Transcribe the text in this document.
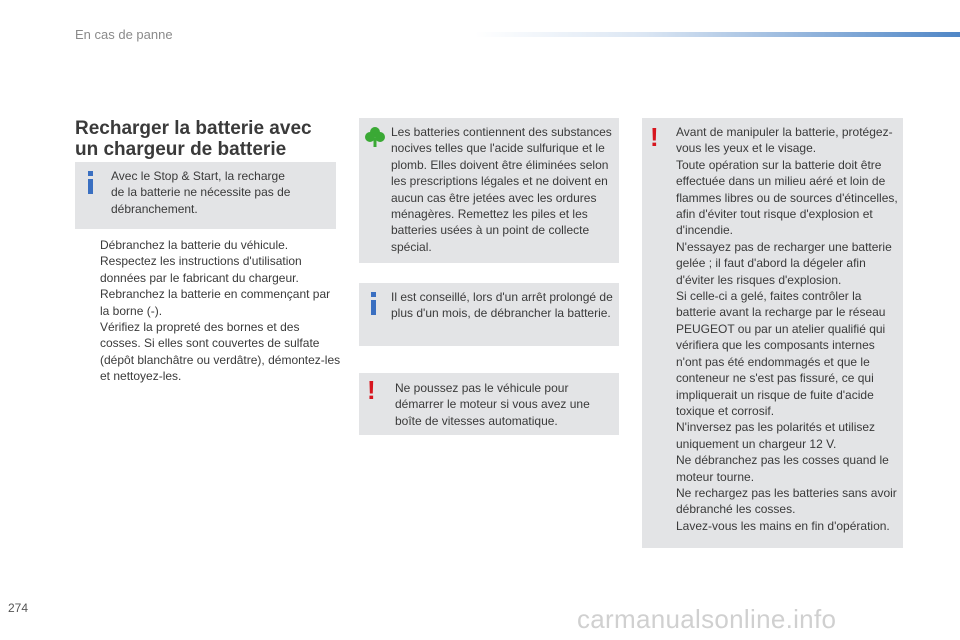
En cas de panne
Recharger la batterie avec
un chargeur de batterie
Avec le Stop & Start, la recharge de la batterie ne nécessite pas de débranchement.
Débranchez la batterie du véhicule.
Respectez les instructions d'utilisation données par le fabricant du chargeur.
Rebranchez la batterie en commençant par la borne (-).
Vérifiez la propreté des bornes et des cosses. Si elles sont couvertes de sulfate (dépôt blanchâtre ou verdâtre), démontez-les et nettoyez-les.
Les batteries contiennent des substances nocives telles que l'acide sulfurique et le plomb. Elles doivent être éliminées selon les prescriptions légales et ne doivent en aucun cas être jetées avec les ordures ménagères. Remettez les piles et les batteries usées à un point de collecte spécial.
Il est conseillé, lors d'un arrêt prolongé de plus d'un mois, de débrancher la batterie.
! Ne poussez pas le véhicule pour démarrer le moteur si vous avez une boîte de vitesses automatique.
! Avant de manipuler la batterie, protégez-vous les yeux et le visage.
Toute opération sur la batterie doit être effectuée dans un milieu aéré et loin de flammes libres ou de sources d'étincelles, afin d'éviter tout risque d'explosion et d'incendie.
N'essayez pas de recharger une batterie gelée ; il faut d'abord la dégeler afin d'éviter les risques d'explosion.
Si celle-ci a gelé, faites contrôler la batterie avant la recharge par le réseau PEUGEOT ou par un atelier qualifié qui vérifiera que les composants internes n'ont pas été endommagés et que le conteneur ne s'est pas fissuré, ce qui impliquerait un risque de fuite d'acide toxique et corrosif.
N'inversez pas les polarités et utilisez uniquement un chargeur 12 V.
Ne débranchez pas les cosses quand le moteur tourne.
Ne rechargez pas les batteries sans avoir débranché les cosses.
Lavez-vous les mains en fin d'opération.
274	carmanualsonline.info
